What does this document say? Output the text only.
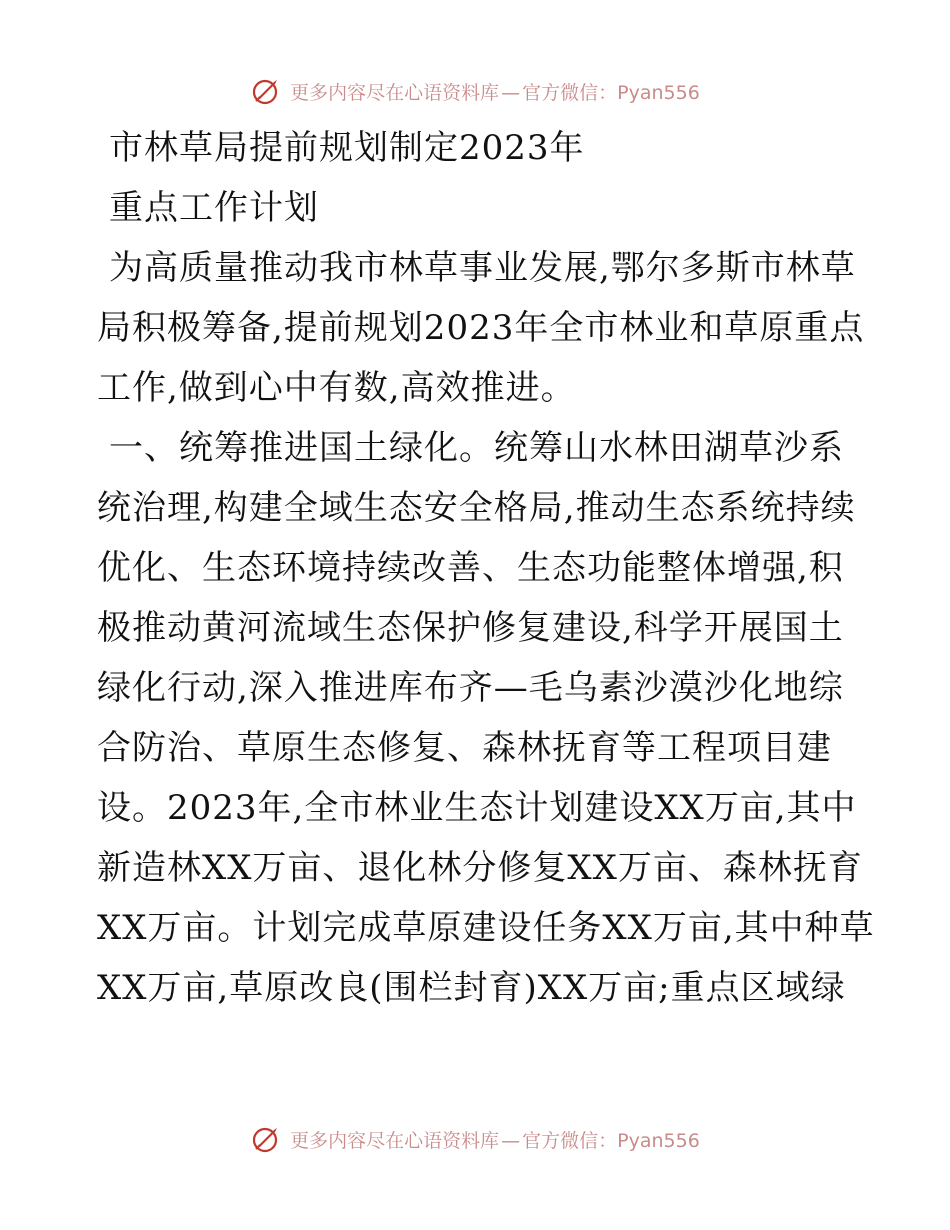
更多内容尽在心语资料库 — 官方微信：Pyan556
市林草局提前规划制定2023年
重点工作计划
为高质量推动我市林草事业发展,鄂尔多斯市林草
局积极筹备,提前规划2023年全市林业和草原重点
工作,做到心中有数,高效推进。
一、统筹推进国土绿化。统筹山水林田湖草沙系
统治理,构建全域生态安全格局,推动生态系统持续
优化、生态环境持续改善、生态功能整体增强,积
极推动黄河流域生态保护修复建设,科学开展国土
绿化行动,深入推进库布齐—毛乌素沙漠沙化地综
合防治、草原生态修复、森林抚育等工程项目建
设。2023年,全市林业生态计划建设XX万亩,其中
新造林XX万亩、退化林分修复XX万亩、森林抚育
XX万亩。计划完成草原建设任务XX万亩,其中种草
XX万亩,草原改良(围栏封育)XX万亩;重点区域绿
更多内容尽在心语资料库 — 官方微信：Pyan556
